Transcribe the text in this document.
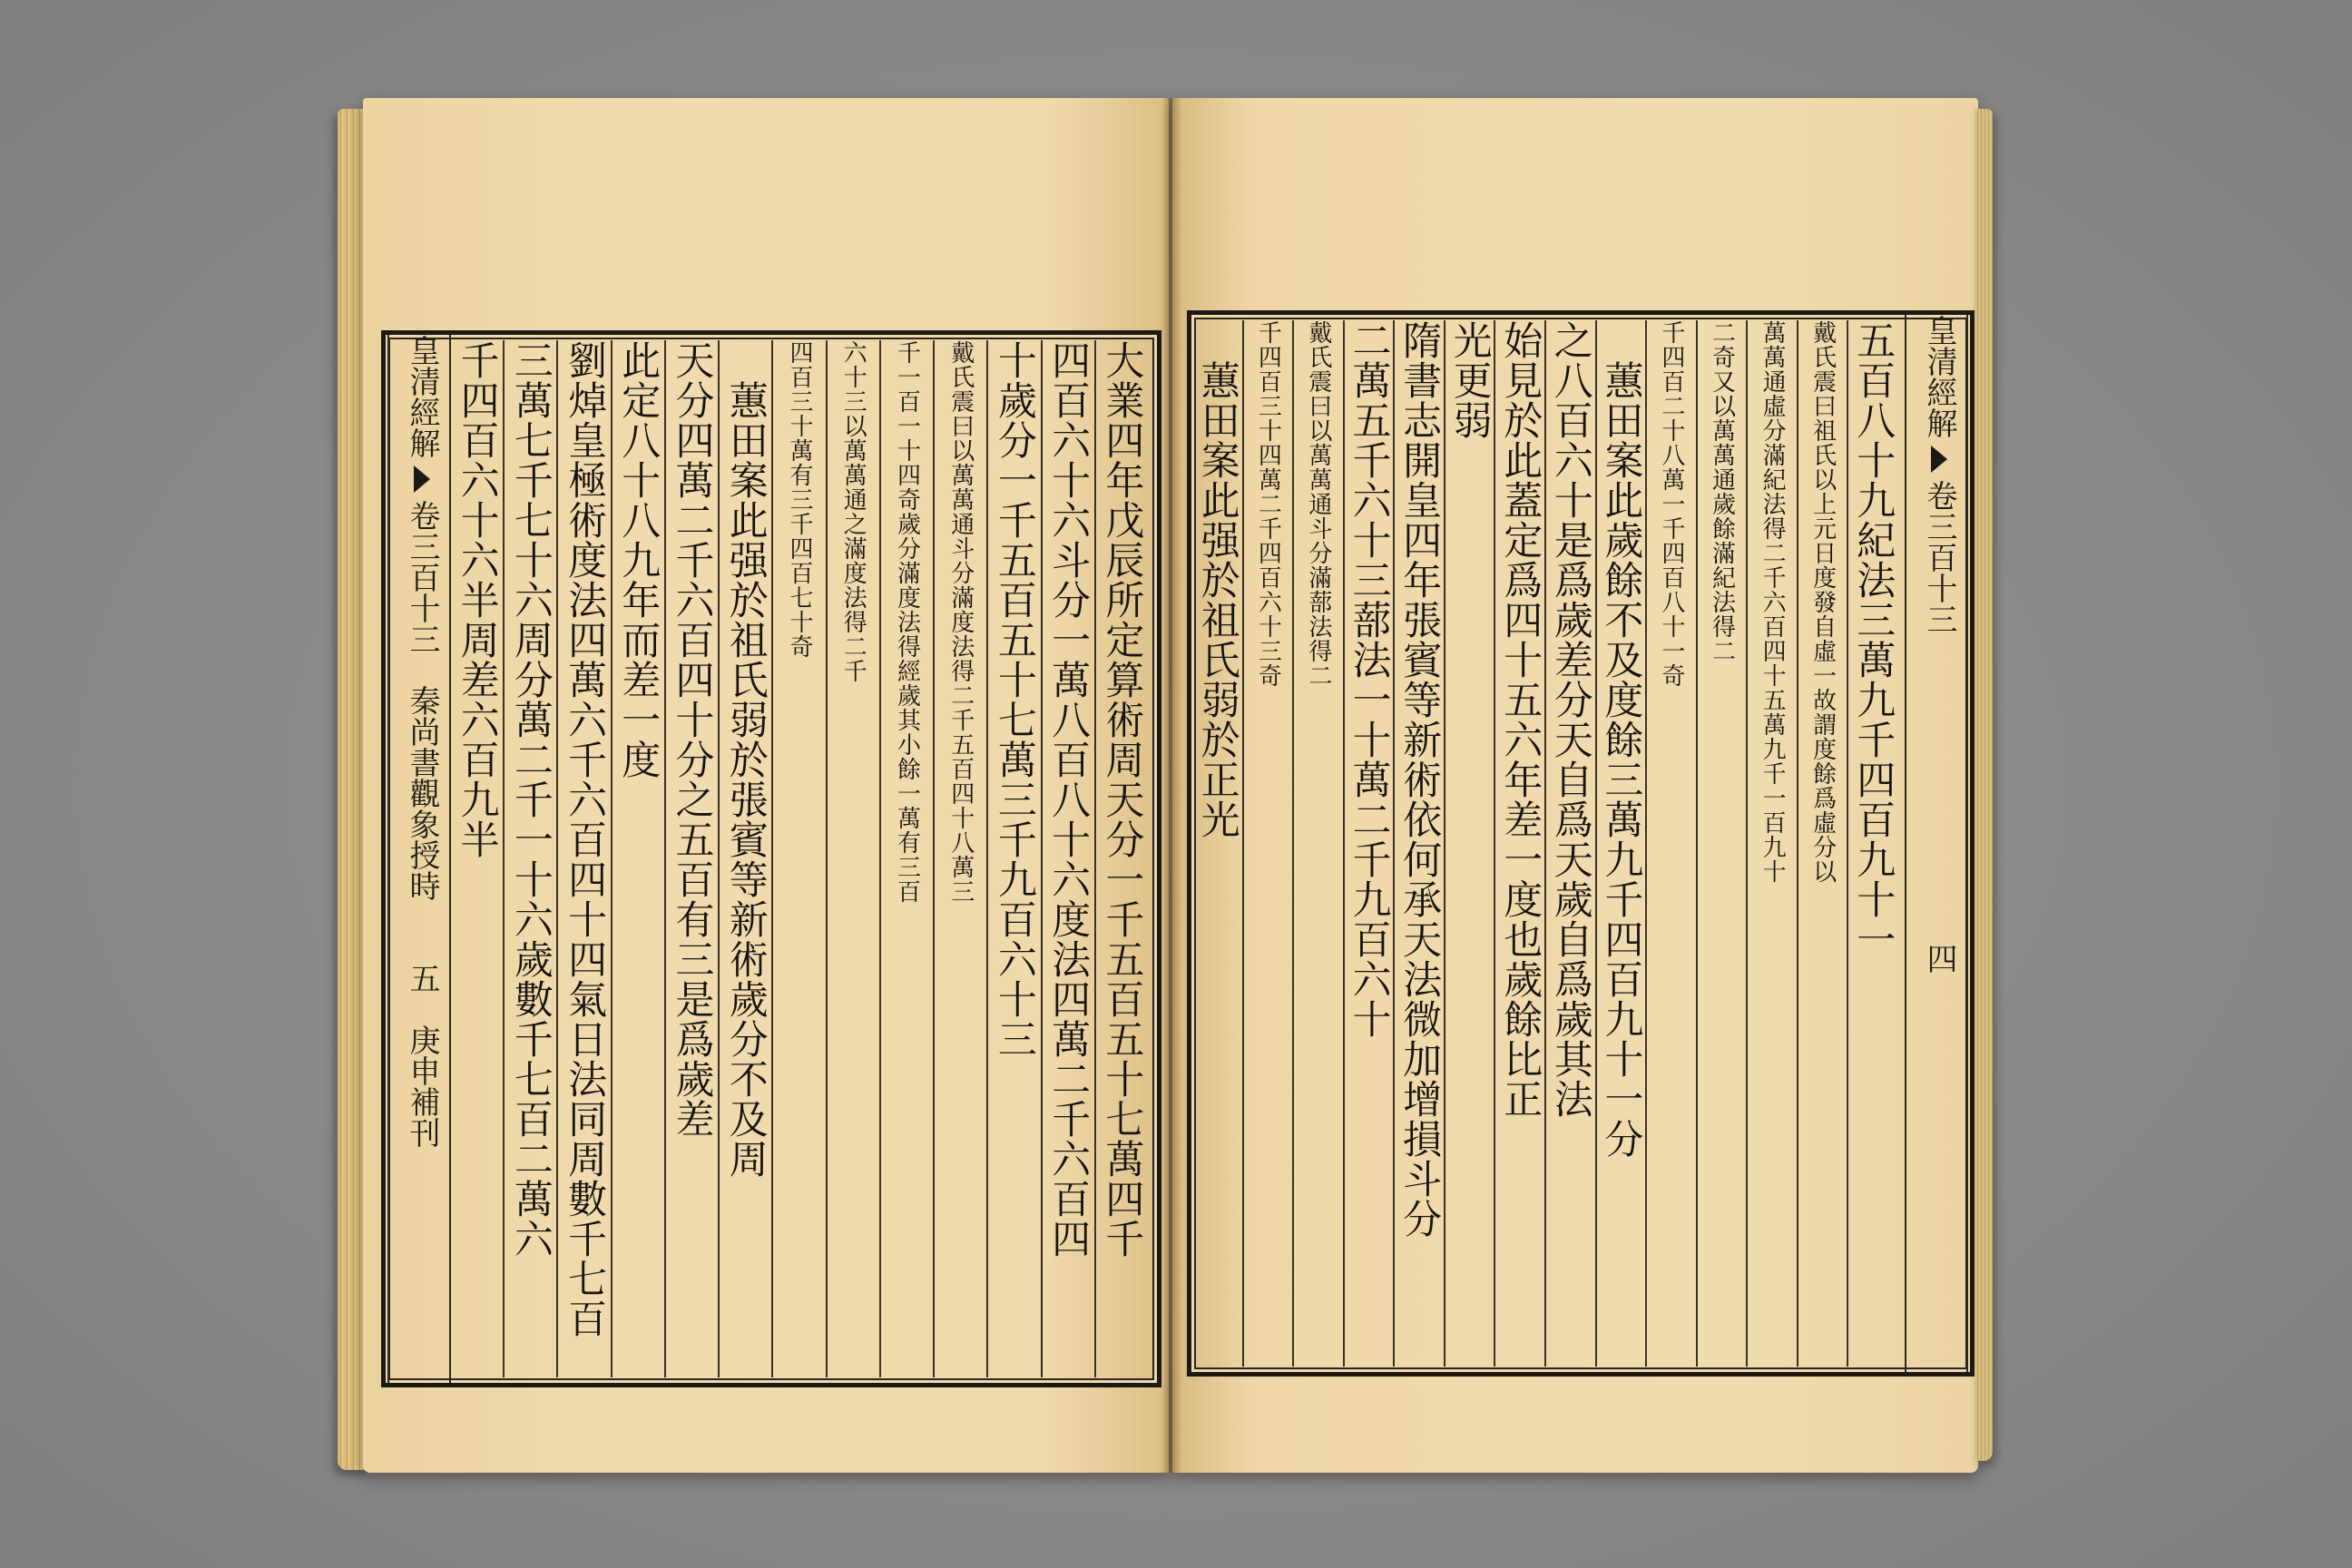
皇清經解卷三百十三　秦尚書觀象授時　　五　庚申補刊	大業四年戊辰所定算術周天分一千五百五十七萬四千
四百六十六斗分一萬八百八十六度法四萬二千六百四
十歲分一千五百五十七萬三千九百六十三
戴氏震曰以萬萬通斗分滿度法得二千五百四十八萬三
千一百一十四奇歲分滿度法得經歲其小餘一萬有三百
六十三以萬萬通之滿度法得二千
四百三十萬有三千四百七十奇
　蕙田案此强於祖氏弱於張賓等新術歲分不及周
天分四萬二千六百四十分之五百有三是爲歲差
此定八十八九年而差一度
劉焯皇極術度法四萬六千六百四十四氣日法同周數千七百
三萬七千七十六周分萬二千一十六歲數千七百二萬六
千四百六十六半周差六百九半	五百八十九紀法三萬九千四百九十一
戴氏震曰祖氏以上元日度發自虛一故謂度餘爲虛分以
萬萬通虛分滿紀法得二千六百四十五萬九千一百九十
二奇又以萬萬通歲餘滿紀法得二
千四百二十八萬一千四百八十一奇
　蕙田案此歲餘不及度餘三萬九千四百九十一分
之八百六十是爲歲差分天自爲天歲自爲歲其法
始見於此蓋定爲四十五六年差一度也歲餘比正
光更弱
隋書志開皇四年張賓等新術依何承天法微加增損斗分
二萬五千六十三蔀法一十萬二千九百六十
戴氏震曰以萬萬通斗分滿蔀法得二
千四百三十四萬二千四百六十三奇
　蕙田案此强於祖氏弱於正光	皇清經解卷三百十三　　　　　　　　　　四
